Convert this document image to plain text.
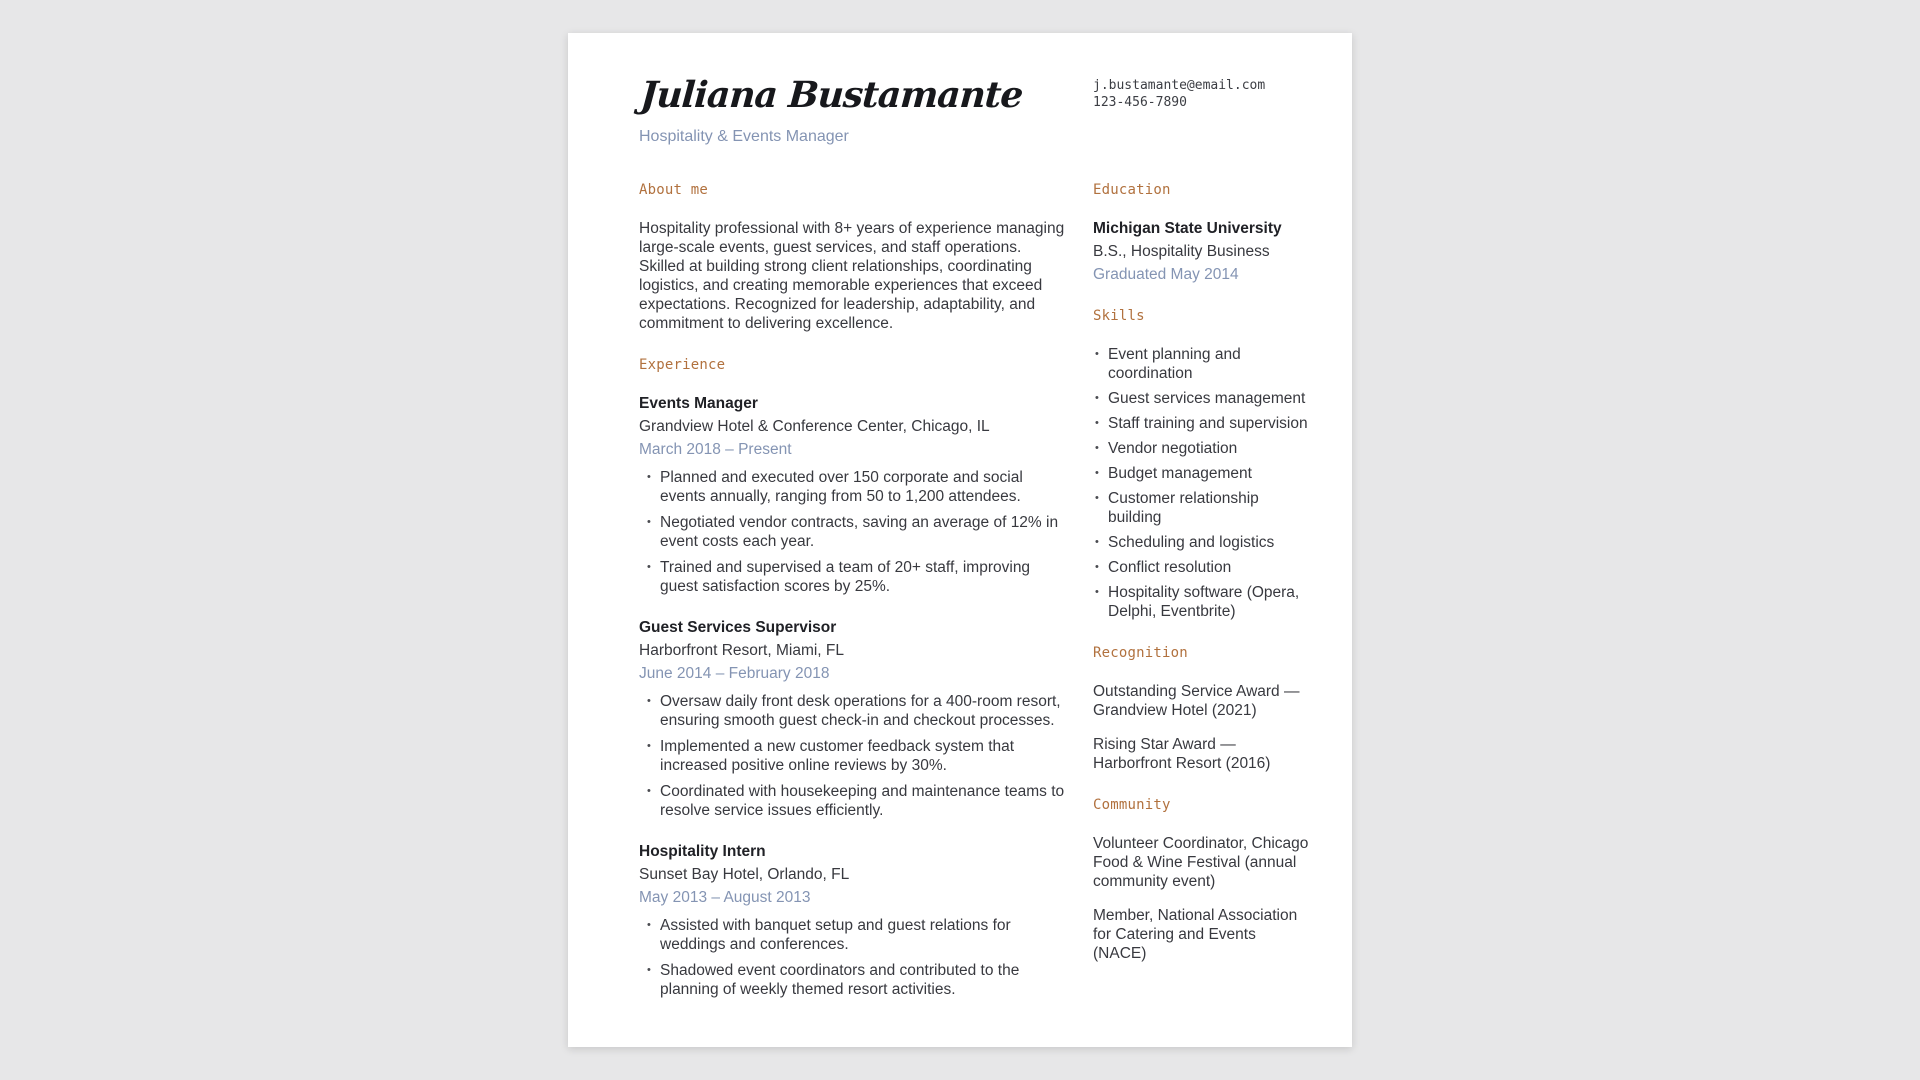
Juliana Bustamante
Hospitality & Events Manager
j.bustamante@email.com
123-456-7890
About me

Hospitality professional with 8+ years of experience managing large-scale events, guest services, and staff operations. Skilled at building strong client relationships, coordinating logistics, and creating memorable experiences that exceed expectations. Recognized for leadership, adaptability, and commitment to delivering excellence.

Experience
Events Manager
Grandview Hotel & Conference Center, Chicago, IL
March 2018 – Present
• Planned and executed over 150 corporate and social events annually, ranging from 50 to 1,200 attendees.
• Negotiated vendor contracts, saving an average of 12% in event costs each year.
• Trained and supervised a team of 20+ staff, improving guest satisfaction scores by 25%.
Guest Services Supervisor
Harborfront Resort, Miami, FL
June 2014 – February 2018
• Oversaw daily front desk operations for a 400-room resort, ensuring smooth guest check-in and checkout processes.
• Implemented a new customer feedback system that increased positive online reviews by 30%.
• Coordinated with housekeeping and maintenance teams to resolve service issues efficiently.
Hospitality Intern
Sunset Bay Hotel, Orlando, FL
May 2013 – August 2013
• Assisted with banquet setup and guest relations for weddings and conferences.
• Shadowed event coordinators and contributed to the planning of weekly themed resort activities.
Education
Michigan State University
B.S., Hospitality Business
Graduated May 2014
Skills
• Event planning and coordination
• Guest services management
• Staff training and supervision
• Vendor negotiation
• Budget management
• Customer relationship building
• Scheduling and logistics
• Conflict resolution
• Hospitality software (Opera, Delphi, Eventbrite)
Recognition

Outstanding Service Award — Grandview Hotel (2021)

Rising Star Award — Harborfront Resort (2016)

Community

Volunteer Coordinator, Chicago Food & Wine Festival (annual community event)

Member, National Association for Catering and Events (NACE)
